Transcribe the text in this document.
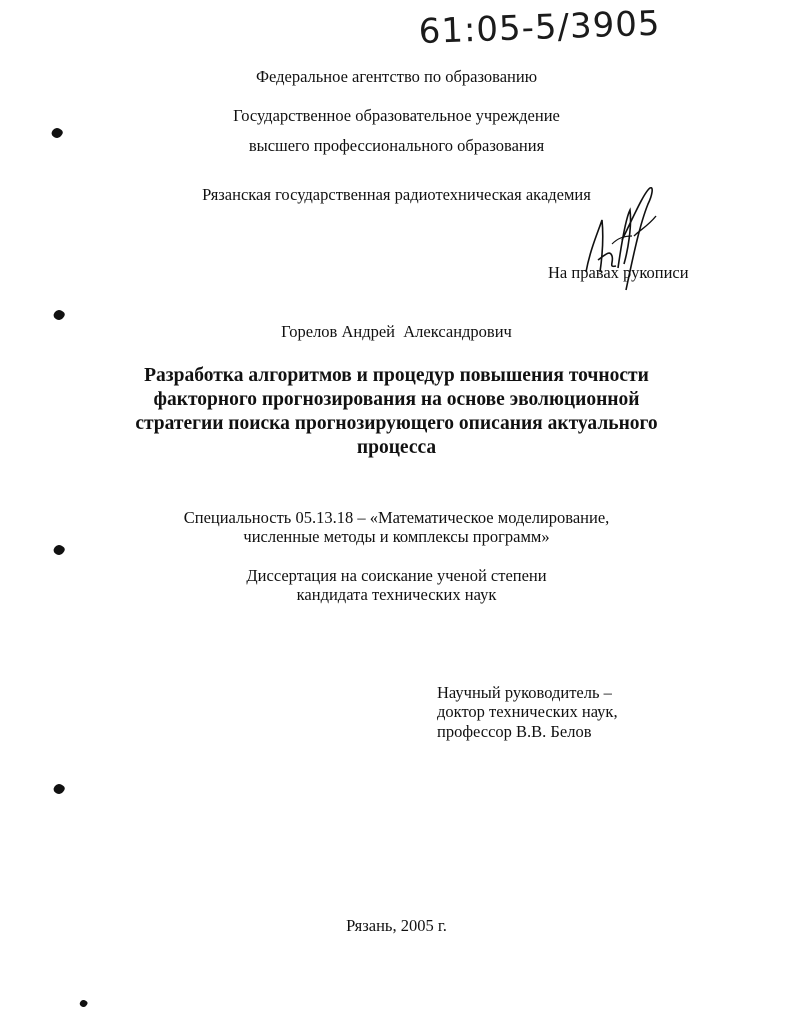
61:05-5/3905
Федеральное агентство по образованию
Государственное образовательное учреждение
высшего профессионального образования
Рязанская государственная радиотехническая академия
На правах рукописи
Горелов Андрей  Александрович
Разработка алгоритмов и процедур повышения точности
факторного прогнозирования на основе эволюционной
стратегии поиска прогнозирующего описания актуального
процесса
Специальность 05.13.18 – «Математическое моделирование,
численные методы и комплексы программ»
Диссертация на соискание ученой степени
кандидата технических наук
Научный руководитель –
доктор технических наук,
профессор В.В. Белов
Рязань, 2005 г.
